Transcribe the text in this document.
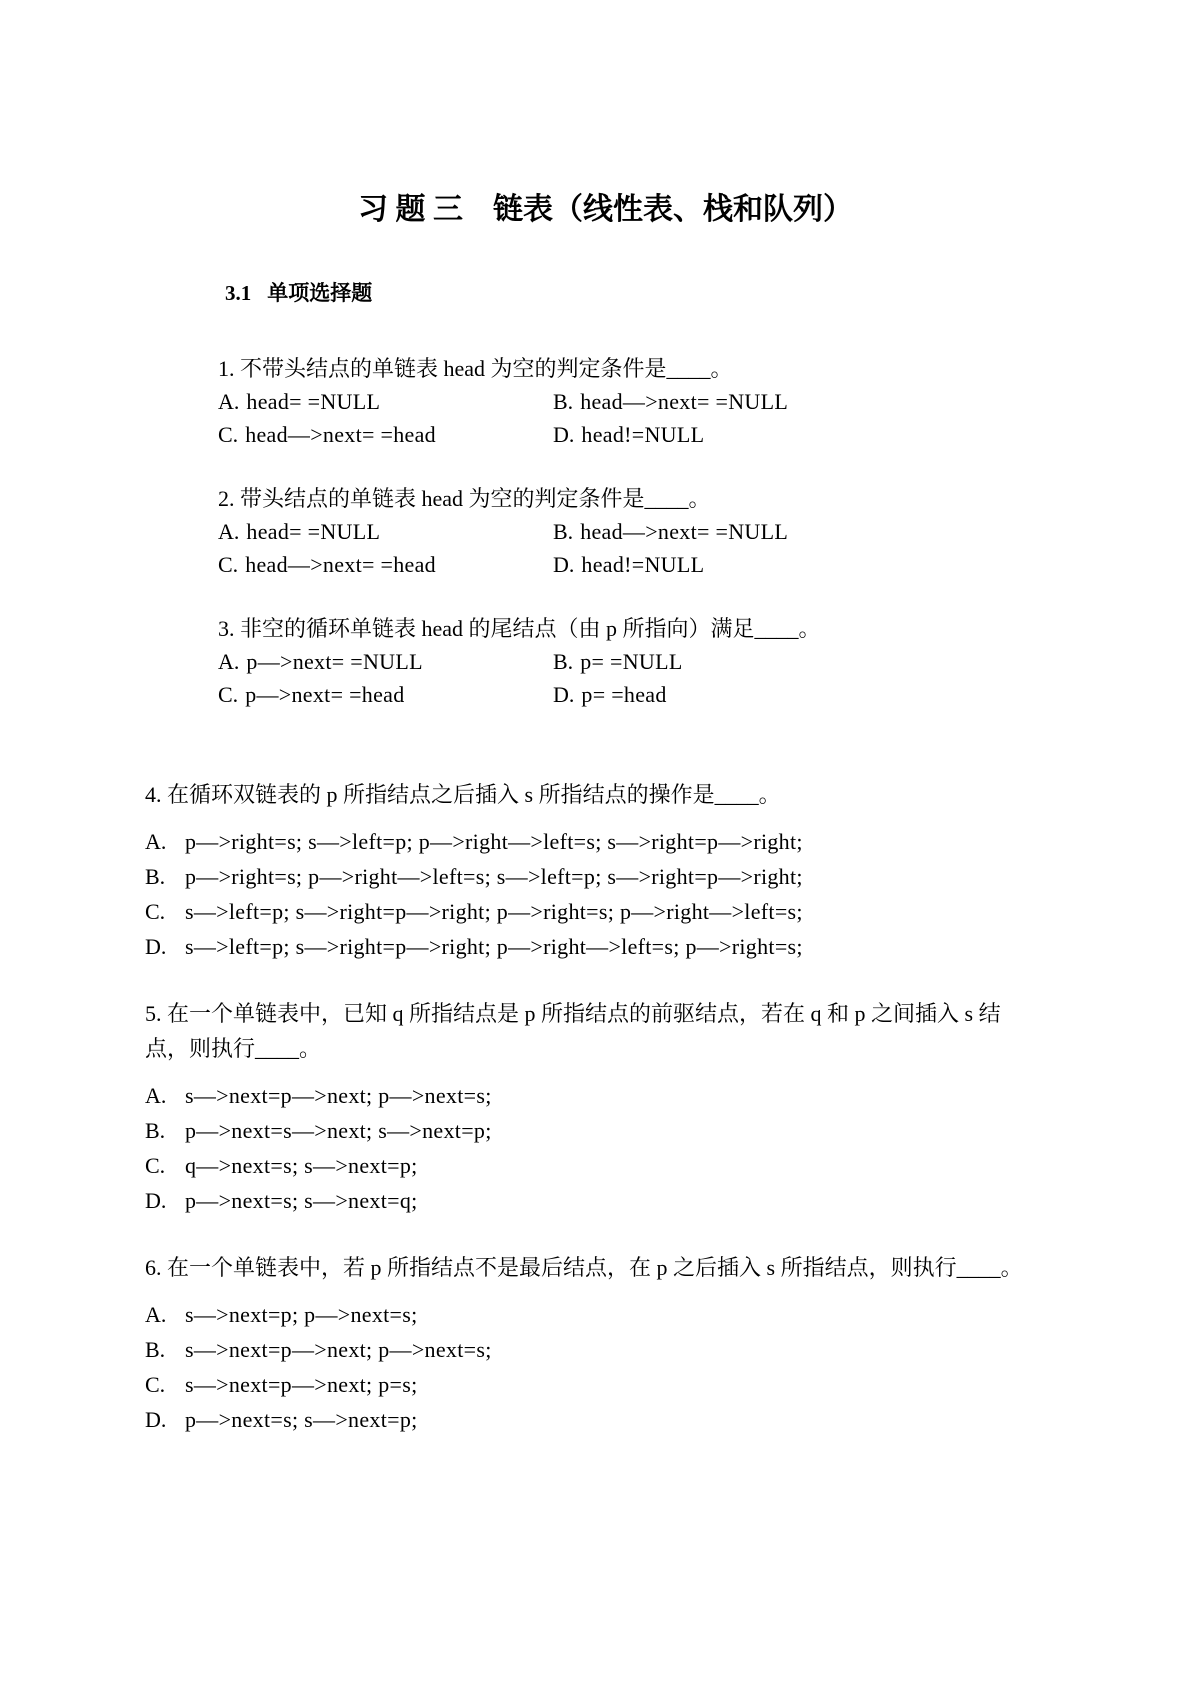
习 题 三    链表（线性表、栈和队列）
3.1 单项选择题

1. 不带头结点的单链表 head 为空的判定条件是____。

A. head= =NULL	B. head—>next= =NULL

C. head—>next= =head	D. head!=NULL

2. 带头结点的单链表 head 为空的判定条件是____。

A. head= =NULL	B. head—>next= =NULL

C. head—>next= =head	D. head!=NULL

3. 非空的循环单链表 head 的尾结点（由 p 所指向）满足____。

A. p—>next= =NULL	B. p= =NULL

C. p—>next= =head	D. p= =head

4. 在循环双链表的 p 所指结点之后插入 s 所指结点的操作是____。

A. p—>right=s; s—>left=p; p—>right—>left=s; s—>right=p—>right;

B. p—>right=s; p—>right—>left=s; s—>left=p; s—>right=p—>right;

C. s—>left=p; s—>right=p—>right; p—>right=s; p—>right—>left=s;

D. s—>left=p; s—>right=p—>right; p—>right—>left=s; p—>right=s;

5. 在一个单链表中，已知 q 所指结点是 p 所指结点的前驱结点，若在 q 和 p 之间插入 s 结
点，则执行____。

A. s—>next=p—>next; p—>next=s;

B. p—>next=s—>next; s—>next=p;

C. q—>next=s; s—>next=p;

D. p—>next=s; s—>next=q;

6. 在一个单链表中，若 p 所指结点不是最后结点，在 p 之后插入 s 所指结点，则执行____。

A. s—>next=p; p—>next=s;

B. s—>next=p—>next; p—>next=s;

C. s—>next=p—>next; p=s;

D. p—>next=s; s—>next=p;
